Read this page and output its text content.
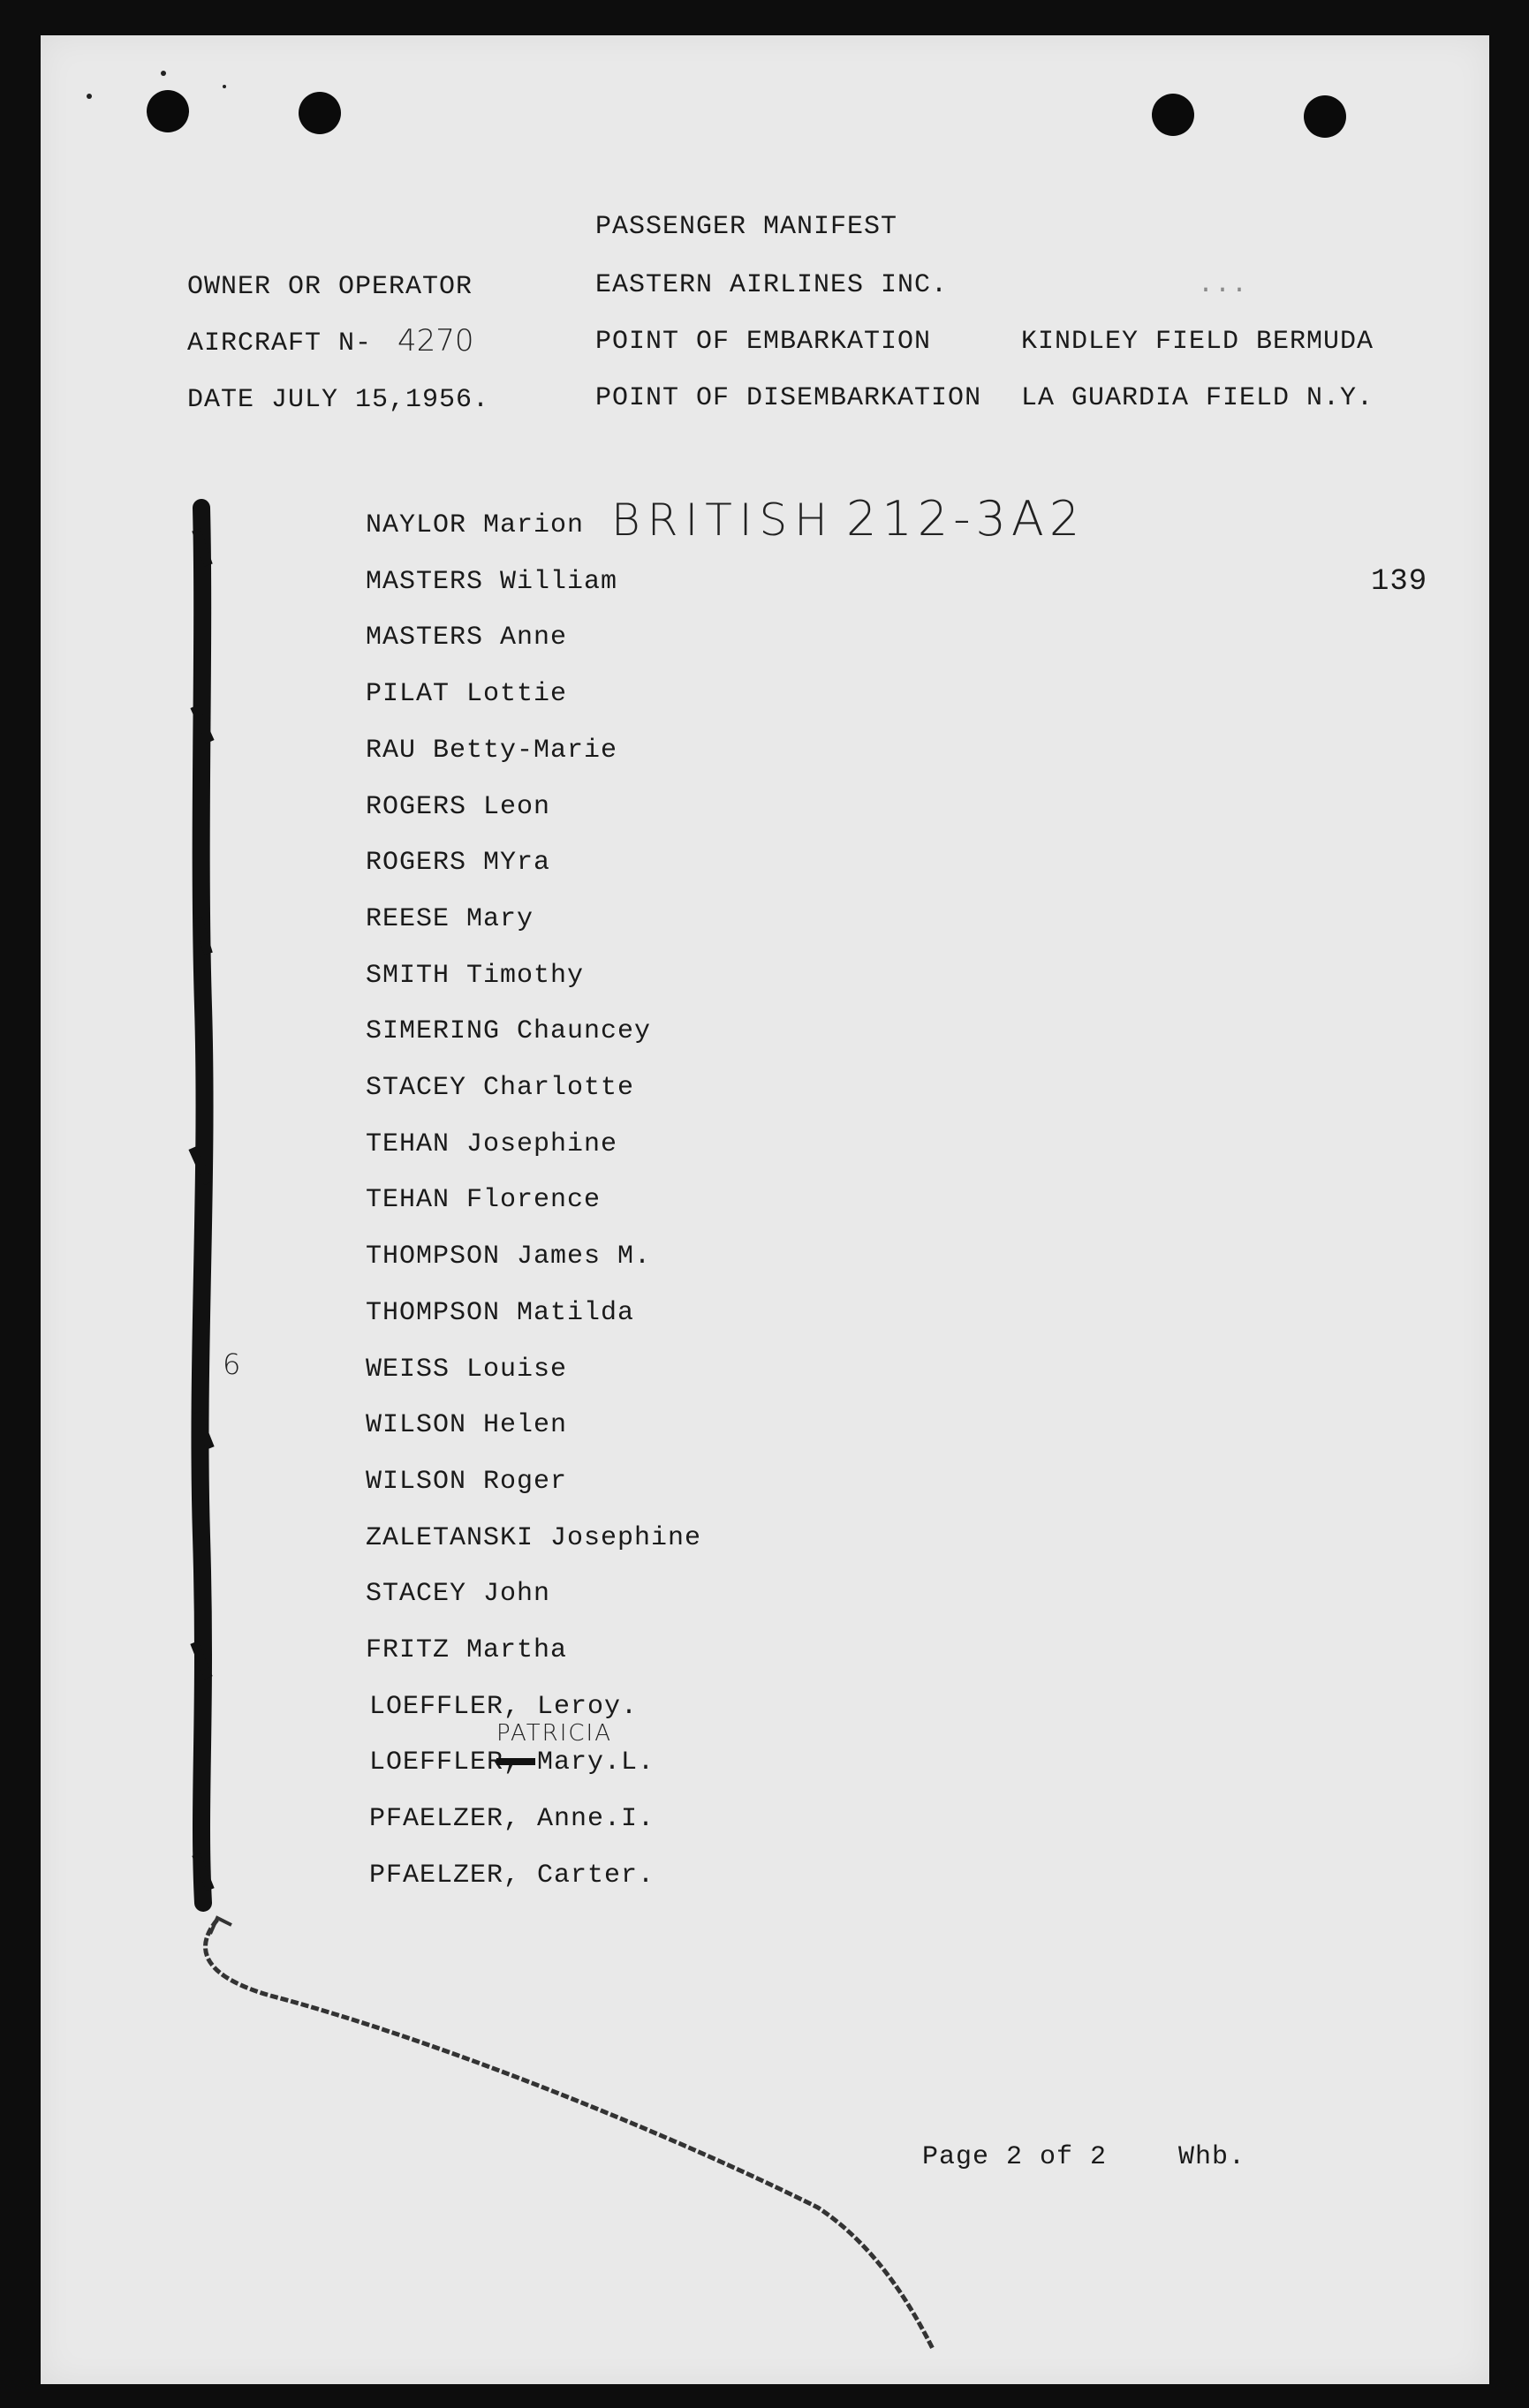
PASSENGER MANIFEST
OWNER OR OPERATOR	EASTERN AIRLINES INC.	...
AIRCRAFT N- 4270	POINT OF EMBARKATION	KINDLEY FIELD BERMUDA
DATE JULY 15,1956.	POINT OF DISEMBARKATION LA GUARDIA FIELD N.Y.
BRITISH 212-3A2
139
6
PATRICIA
NAYLOR Marion
MASTERS William
MASTERS Anne
PILAT Lottie
RAU Betty-Marie
ROGERS Leon
ROGERS MYra
REESE Mary
SMITH Timothy
SIMERING Chauncey
STACEY Charlotte
TEHAN Josephine
TEHAN Florence
THOMPSON James M.
THOMPSON Matilda
WEISS Louise
WILSON Helen
WILSON Roger
ZALETANSKI Josephine
STACEY John
FRITZ Martha
LOEFFLER, Leroy.
LOEFFLER, Mary.L.
PFAELZER, Anne.I.
PFAELZER, Carter.
Page 2 of 2	Whb.
